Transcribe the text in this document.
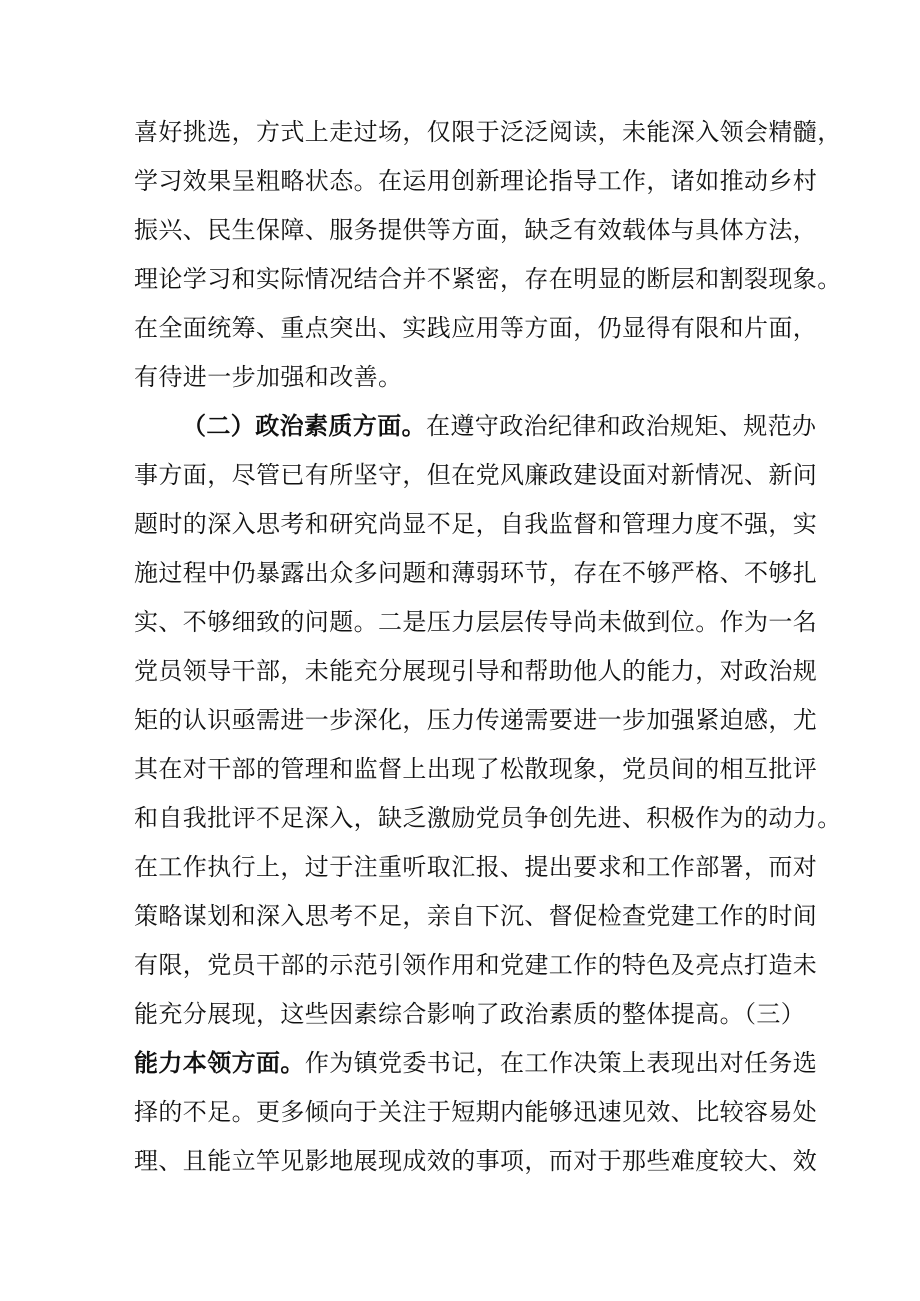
喜好挑选，方式上走过场，仅限于泛泛阅读，未能深入领会精髓，
学习效果呈粗略状态。在运用创新理论指导工作，诸如推动乡村
振兴、民生保障、服务提供等方面，缺乏有效载体与具体方法，
理论学习和实际情况结合并不紧密，存在明显的断层和割裂现象。
在全面统筹、重点突出、实践应用等方面，仍显得有限和片面，
有待进一步加强和改善。
（二）政治素质方面。在遵守政治纪律和政治规矩、规范办
事方面，尽管已有所坚守，但在党风廉政建设面对新情况、新问
题时的深入思考和研究尚显不足，自我监督和管理力度不强，实
施过程中仍暴露出众多问题和薄弱环节，存在不够严格、不够扎
实、不够细致的问题。二是压力层层传导尚未做到位。作为一名
党员领导干部，未能充分展现引导和帮助他人的能力，对政治规
矩的认识亟需进一步深化，压力传递需要进一步加强紧迫感，尤
其在对干部的管理和监督上出现了松散现象，党员间的相互批评
和自我批评不足深入，缺乏激励党员争创先进、积极作为的动力。
在工作执行上，过于注重听取汇报、提出要求和工作部署，而对
策略谋划和深入思考不足，亲自下沉、督促检查党建工作的时间
有限，党员干部的示范引领作用和党建工作的特色及亮点打造未
能充分展现，这些因素综合影响了政治素质的整体提高。（三）
能力本领方面。作为镇党委书记，在工作决策上表现出对任务选
择的不足。更多倾向于关注于短期内能够迅速见效、比较容易处
理、且能立竿见影地展现成效的事项，而对于那些难度较大、效
